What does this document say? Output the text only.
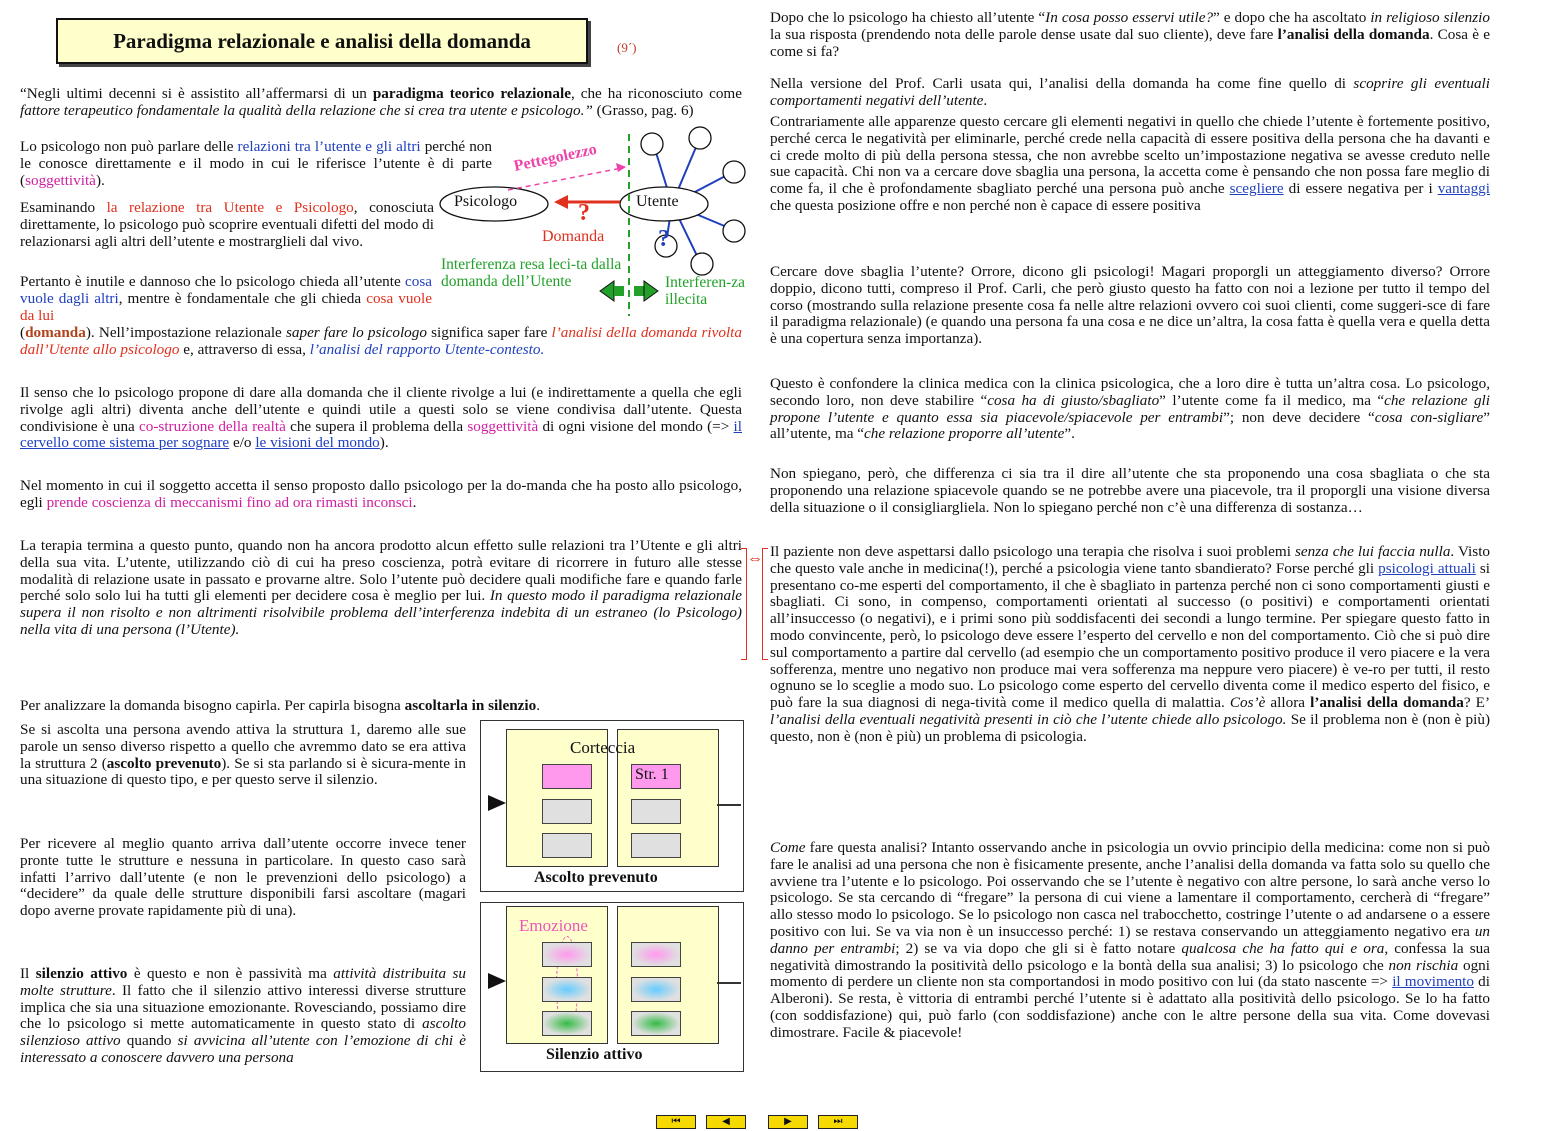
Paradigma relazionale e analisi della domanda	(9´)

“Negli ultimi decenni si è assistito all’affermarsi di un paradigma teorico relazionale, che ha riconosciuto come fattore terapeutico fondamentale la qualità della relazione che si crea tra utente e psicologo.” (Grasso, pag. 6)

Lo psicologo non può parlare delle relazioni tra l’utente e gli altri perché non le conosce direttamente e il modo in cui le riferisce l’utente è di parte (soggettività).

Esaminando la relazione tra Utente e Psicologo, conosciuta direttamente, lo psicologo può scoprire eventuali difetti del modo di relazionarsi agli altri dell’utente e mostrarglieli dal vivo.

Pertanto è inutile e dannoso che lo psicologo chieda all’utente cosa vuole dagli altri, mentre è fondamentale che gli chieda cosa vuole da lui

(domanda). Nell’impostazione relazionale saper fare lo psicologo significa saper fare l’analisi della domanda rivolta dall’Utente allo psicologo e, attraverso di essa, l’analisi del rapporto Utente-contesto.

Il senso che lo psicologo propone di dare alla domanda che il cliente rivolge a lui (e indirettamente a quella che egli rivolge agli altri) diventa anche dell’utente e quindi utile a questi solo se viene condivisa dall’utente. Questa condivisione è una co-struzione della realtà che supera il problema della soggettività di ogni visione del mondo (=> il cervello come sistema per sognare e/o le visioni del mondo).

Nel momento in cui il soggetto accetta il senso proposto dallo psicologo per la do-manda che ha posto allo psicologo, egli prende coscienza di meccanismi fino ad ora rimasti inconsci.

La terapia termina a questo punto, quando non ha ancora prodotto alcun effetto sulle relazioni tra l’Utente e gli altri della sua vita. L’utente, utilizzando ciò di cui ha preso coscienza, potrà evitare di ricorrere in futuro alle stesse modalità di relazione usate in passato e provarne altre. Solo l’utente può decidere quali modifiche fare e quando farle perché solo solo lui ha tutti gli elementi per decidere cosa è meglio per lui. In questo modo il paradigma relazionale supera il non risolto e non altrimenti risolvibile problema dell’interferenza indebita di un estraneo (lo Psicologo) nella vita di una persona (l’Utente).

Per analizzare la domanda bisogno capirla. Per capirla bisogna ascoltarla in silenzio.

Se si ascolta una persona avendo attiva la struttura 1, daremo alle sue parole un senso diverso rispetto a quello che avremmo dato se era attiva la struttura 2 (ascolto prevenuto). Se si sta parlando si è sicura-mente in una situazione di questo tipo, e per questo serve il silenzio.

Per ricevere al meglio quanto arriva dall’utente occorre invece tener pronte tutte le strutture e nessuna in particolare. In questo caso sarà infatti l’arrivo dall’utente (e non le prevenzioni dello psicologo) a “decidere” da quale delle strutture disponibili farsi ascoltare (magari dopo averne provate rapidamente più di una).

Il silenzio attivo è questo e non è passività ma attività distribuita su molte strutture. Il fatto che il silenzio attivo interessi diverse strutture implica che sia una situazione emozionante. Rovesciando, possiamo dire che lo psicologo si mette automaticamente in questo stato di ascolto silenzioso attivo quando si avvicina all’utente con l’emozione di chi è interessato a conoscere davvero una persona

Psicologo	Utente
Pettegolezzo
?
?
Domanda
Interferenza resa leci-ta dalla domanda dell’Utente	Interferen-za illecita
⇔
Corteccia
Str. 1
Ascolto prevenuto
Emozione
Silenzio attivo

Dopo che lo psicologo ha chiesto all’utente “In cosa posso esservi utile?” e dopo che ha ascoltato in religioso silenzio la sua risposta (prendendo nota delle parole dense usate dal suo cliente), deve fare l’analisi della domanda. Cosa è e come si fa?

Nella versione del Prof. Carli usata qui, l’analisi della domanda ha come fine quello di scoprire gli eventuali comportamenti negativi dell’utente.

Contrariamente alle apparenze questo cercare gli elementi negativi in quello che chiede l’utente è fortemente positivo, perché cerca le negatività per eliminarle, perché crede nella capacità di essere positiva della persona che ha davanti e ci crede molto di più della persona stessa, che non avrebbe scelto un’impostazione negativa se avesse creduto nelle sue capacità. Chi non va a cercare dove sbaglia una persona, la accetta come è pensando che non possa fare meglio di come fa, il che è profondamente sbagliato perché una persona può anche scegliere di essere negativa per i vantaggi che questa posizione offre e non perché non è capace di essere positiva

Cercare dove sbaglia l’utente? Orrore, dicono gli psicologi! Magari proporgli un atteggiamento diverso? Orrore doppio, dicono tutti, compreso il Prof. Carli, che però giusto questo ha fatto con noi a lezione per tutto il tempo del corso (mostrando sulla relazione presente cosa fa nelle altre relazioni ovvero coi suoi clienti, come suggeri-sce di fare il paradigma relazionale) (e quando una persona fa una cosa e ne dice un’altra, la cosa fatta è quella vera e quella detta è una copertura senza importanza).

Questo è confondere la clinica medica con la clinica psicologica, che a loro dire è tutta un’altra cosa. Lo psicologo, secondo loro, non deve stabilire “cosa ha di giusto/sbagliato” l’utente come fa il medico, ma “che relazione gli propone l’utente e quanto essa sia piacevole/spiacevole per entrambi”; non deve decidere “cosa con-sigliare” all’utente, ma “che relazione proporre all’utente”.

Non spiegano, però, che differenza ci sia tra il dire all’utente che sta proponendo una cosa sbagliata o che sta proponendo una relazione spiacevole quando se ne potrebbe avere una piacevole, tra il proporgli una visione diversa della situazione o il consigliargliela. Non lo spiegano perché non c’è una differenza di sostanza…

Il paziente non deve aspettarsi dallo psicologo una terapia che risolva i suoi problemi senza che lui faccia nulla. Visto che questo vale anche in medicina(!), perché a psicologia viene tanto sbandierato? Forse perché gli psicologi attuali si presentano co-me esperti del comportamento, il che è sbagliato in partenza perché non ci sono comportamenti giusti e sbagliati. Ci sono, in compenso, comportamenti orientati al successo (o positivi) e comportamenti orientati all’insuccesso (o negativi), e i primi sono più soddisfacenti dei secondi a lungo termine. Per spiegare questo fatto in modo convincente, però, lo psicologo deve essere l’esperto del cervello e non del comportamento. Ciò che si può dire sul comportamento a partire dal cervello (ad esempio che un comportamento positivo produce il vero piacere e la vera sofferenza, mentre uno negativo non produce mai vera sofferenza ma neppure vero piacere) è ve-ro per tutti, il resto ognuno se lo sceglie a modo suo. Lo psicologo come esperto del cervello diventa come il medico esperto del fisico, e può fare la sua diagnosi di nega-tività come il medico quella di malattia. Cos’è allora l’analisi della domanda? E’ l’analisi della eventuali negatività presenti in ciò che l’utente chiede allo psicologo. Se il problema non è (non è più) questo, non è (non è più) un problema di psicologia.

Come fare questa analisi? Intanto osservando anche in psicologia un ovvio principio della medicina: come non si può fare le analisi ad una persona che non è fisicamente presente, anche l’analisi della domanda va fatta solo su quello che avviene tra l’utente e lo psicologo. Poi osservando che se l’utente è negativo con altre persone, lo sarà anche verso lo psicologo. Se sta cercando di “fregare” la persona di cui viene a lamentare il comportamento, cercherà di “fregare” allo stesso modo lo psicologo. Se lo psicologo non casca nel trabocchetto, costringe l’utente o ad andarsene o a essere positivo con lui. Se va via non è un insuccesso perché: 1) se restava conservando un atteggiamento negativo era un danno per entrambi; 2) se va via dopo che gli si è fatto notare qualcosa che ha fatto qui e ora, confessa la sua negatività dimostrando la positività dello psicologo e la bontà della sua analisi; 3) lo psicologo che non rischia ogni momento di perdere un cliente non sta comportandosi in modo positivo con lui (da stato nascente => il movimento di Alberoni). Se resta, è vittoria di entrambi perché l’utente si è adattato alla positività dello psicologo. Se lo ha fatto (con soddisfazione) qui, può farlo (con soddisfazione) anche con le altre persone della sua vita. Come dovevasi dimostrare. Facile & piacevole!

⏮	◀	▶	⏭
